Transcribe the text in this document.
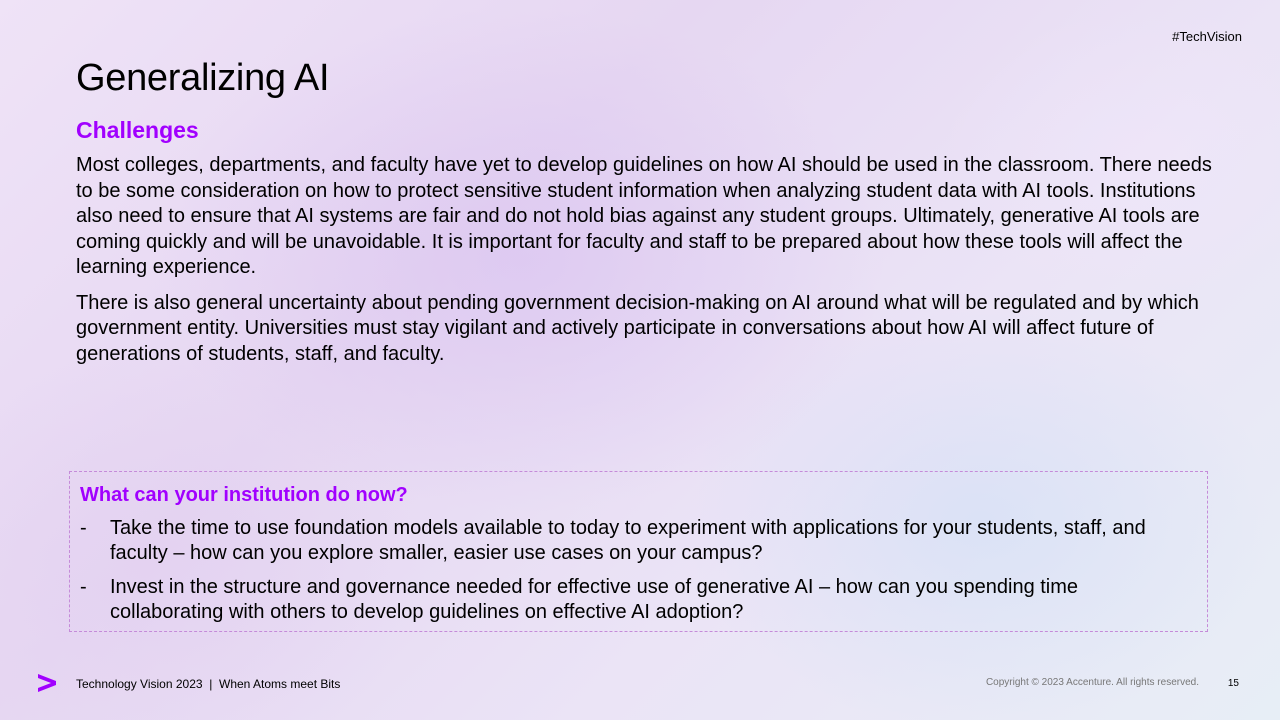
#TechVision
Generalizing AI
Challenges

Most colleges, departments, and faculty have yet to develop guidelines on how AI should be used in the classroom. There needs to be some consideration on how to protect sensitive student information when analyzing student data with AI tools. Institutions also need to ensure that AI systems are fair and do not hold bias against any student groups. Ultimately, generative AI tools are coming quickly and will be unavoidable. It is important for faculty and staff to be prepared about how these tools will affect the learning experience.

There is also general uncertainty about pending government decision-making on AI around what will be regulated and by which government entity. Universities must stay vigilant and actively participate in conversations about how AI will affect future of generations of students, staff, and faculty.

What can your institution do now?
- Take the time to use foundation models available to today to experiment with applications for your students, staff, and faculty – how can you explore smaller, easier use cases on your campus?
- Invest in the structure and governance needed for effective use of generative AI – how can you spending time collaborating with others to develop guidelines on effective AI adoption?
Technology Vision 2023  |  When Atoms meet Bits	Copyright © 2023 Accenture. All rights reserved.	15
